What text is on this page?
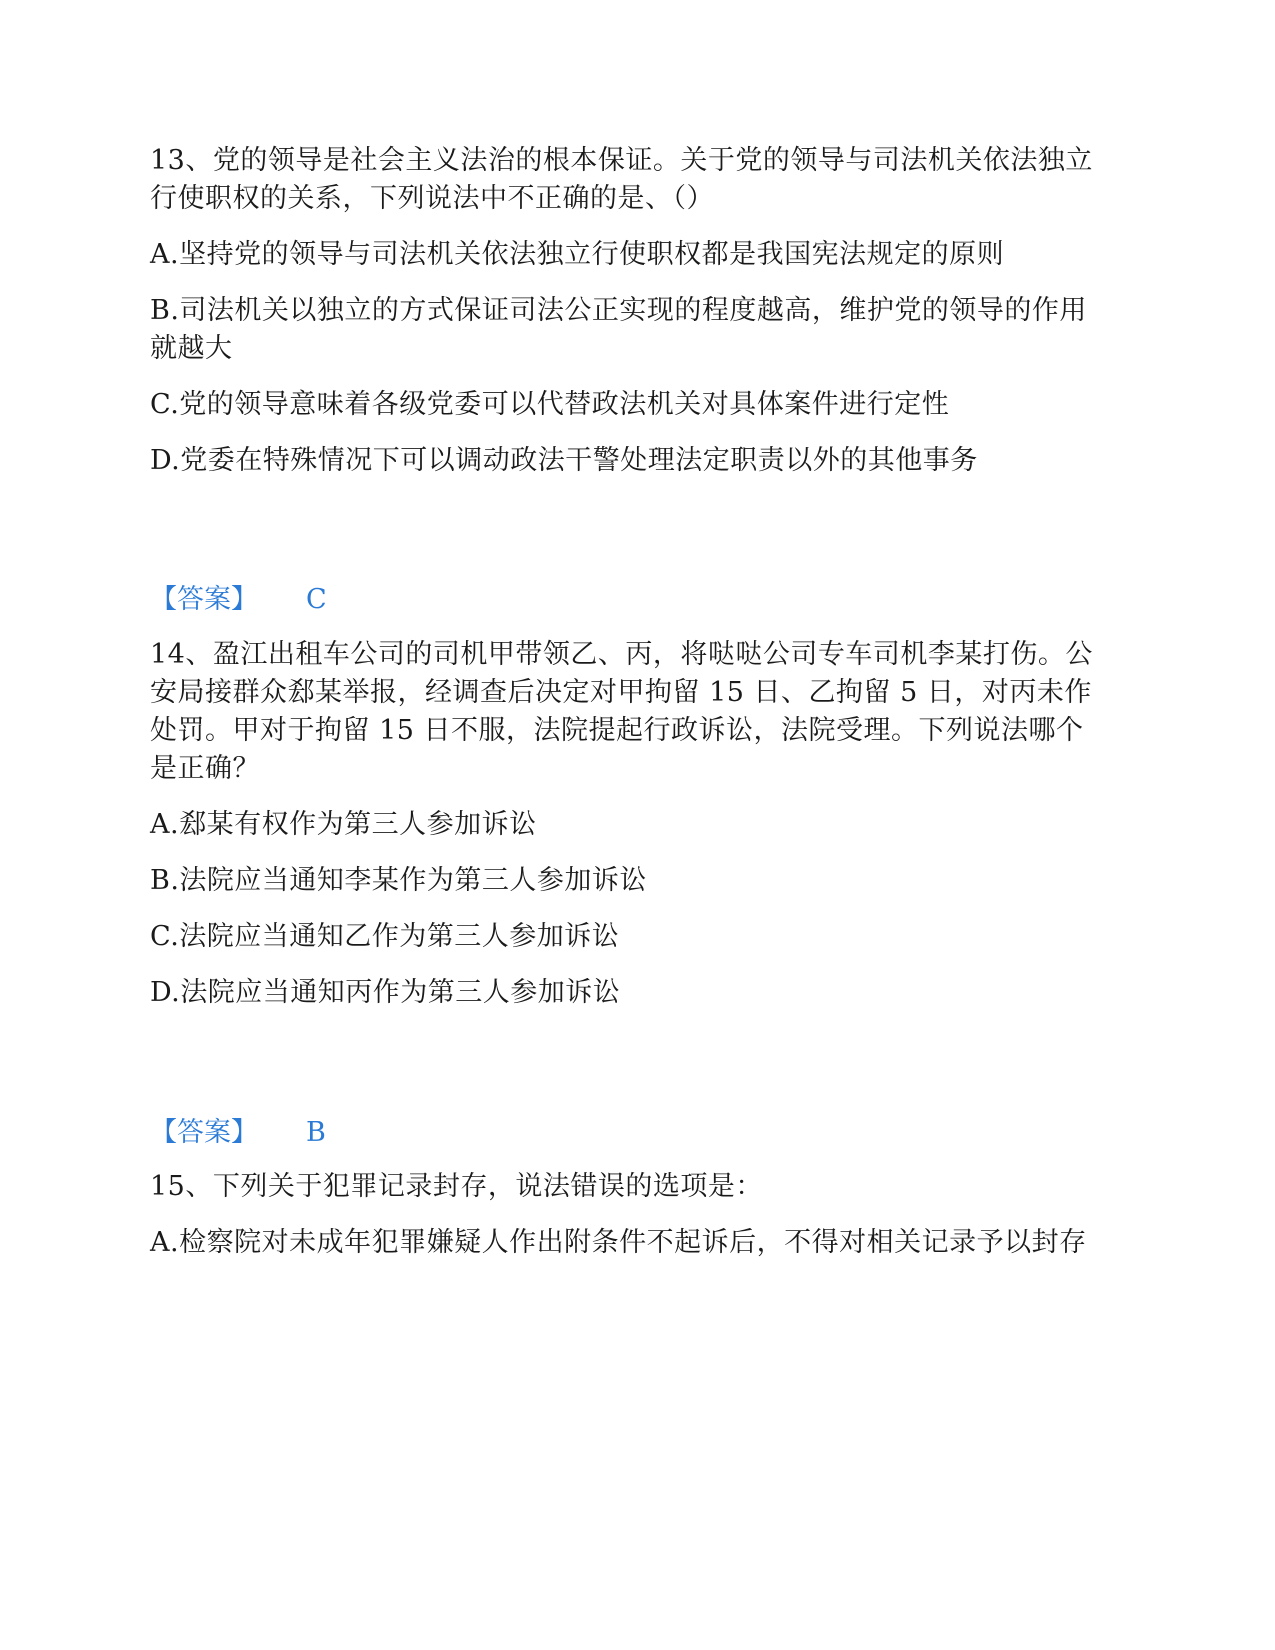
13、党的领导是社会主义法治的根本保证。关于党的领导与司法机关依法独立行使职权的关系，下列说法中不正确的是、（）

A.坚持党的领导与司法机关依法独立行使职权都是我国宪法规定的原则

B.司法机关以独立的方式保证司法公正实现的程度越高，维护党的领导的作用就越大

C.党的领导意味着各级党委可以代替政法机关对具体案件进行定性

D.党委在特殊情况下可以调动政法干警处理法定职责以外的其他事务

【答案】 C

14、盈江出租车公司的司机甲带领乙、丙，将哒哒公司专车司机李某打伤。公安局接群众郄某举报，经调查后决定对甲拘留 15 日、乙拘留 5 日，对丙未作处罚。甲对于拘留 15 日不服，法院提起行政诉讼，法院受理。下列说法哪个是正确？

A.郄某有权作为第三人参加诉讼

B.法院应当通知李某作为第三人参加诉讼

C.法院应当通知乙作为第三人参加诉讼

D.法院应当通知丙作为第三人参加诉讼

【答案】 B

15、下列关于犯罪记录封存，说法错误的选项是：

A.检察院对未成年犯罪嫌疑人作出附条件不起诉后，不得对相关记录予以封存
